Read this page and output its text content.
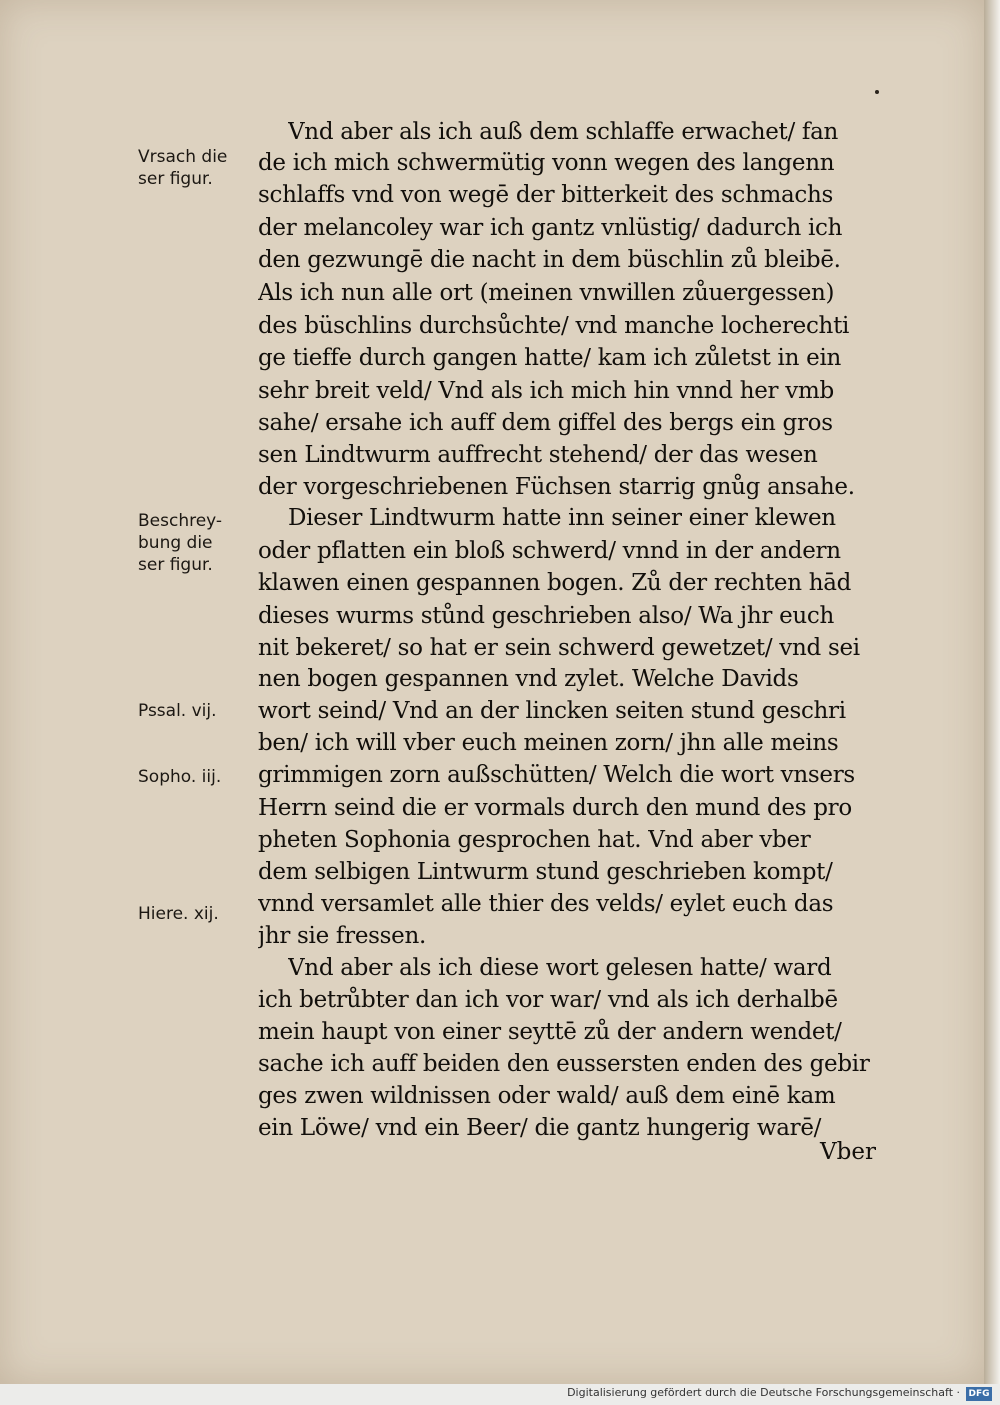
Vrsach die
ser figur.
Beschrey-
bung die
ser figur.
Pssal. vij.
Sopho. iij.
Hiere. xij.
Vnd aber als ich auß dem schlaffe erwachet/ fan
de ich mich schwermütig vonn wegen des langenn
schlaffs vnd von wegē der bitterkeit des schmachs
der melancoley war ich gantz vnlüstig/ dadurch ich
den gezwungē die nacht in dem büschlin zů bleibē.
Als ich nun alle ort (meinen vnwillen zůuergessen)
des büschlins durchsůchte/ vnd manche locherechti
ge tieffe durch gangen hatte/ kam ich zůletst in ein
sehr breit veld/ Vnd als ich mich hin vnnd her vmb
sahe/ ersahe ich auff dem giffel des bergs ein gros
sen Lindtwurm auffrecht stehend/ der das wesen
der vorgeschriebenen Füchsen starrig gnůg ansahe.
Dieser Lindtwurm hatte inn seiner einer klewen
oder pflatten ein bloß schwerd/ vnnd in der andern
klawen einen gespannen bogen. Zů der rechten hād
dieses wurms stůnd geschrieben also/ Wa jhr euch
nit bekeret/ so hat er sein schwerd gewetzet/ vnd sei
nen bogen gespannen vnd zylet. Welche Davids
wort seind/ Vnd an der lincken seiten stund geschri
ben/ ich will vber euch meinen zorn/ jhn alle meins
grimmigen zorn außschütten/ Welch die wort vnsers
Herrn seind die er vormals durch den mund des pro
pheten Sophonia gesprochen hat. Vnd aber vber
dem selbigen Lintwurm stund geschrieben kompt/
vnnd versamlet alle thier des velds/ eylet euch das
jhr sie fressen.
Vnd aber als ich diese wort gelesen hatte/ ward
ich betrůbter dan ich vor war/ vnd als ich derhalbē
mein haupt von einer seyttē zů der andern wendet/
sache ich auff beiden den eussersten enden des gebir
ges zwen wildnissen oder wald/ auß dem einē kam
ein Löwe/ vnd ein Beer/ die gantz hungerig warē/
Vber
Digitalisierung gefördert durch die Deutsche Forschungsgemeinschaft · DFG
